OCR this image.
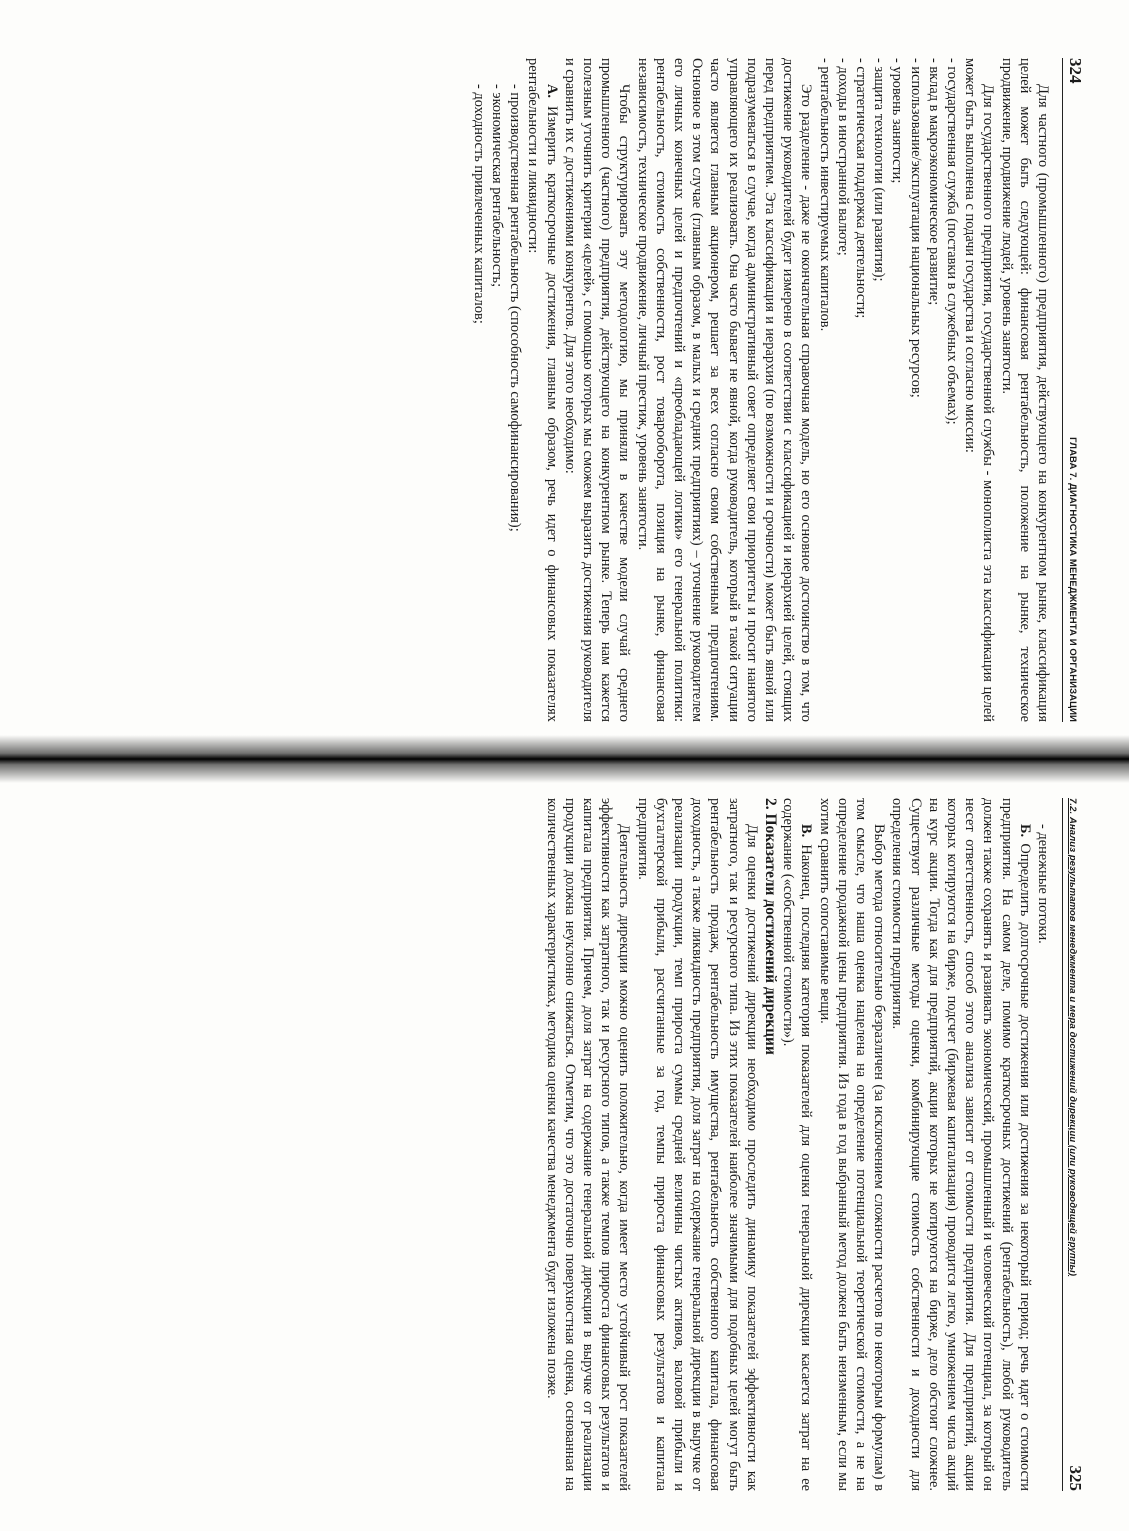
324
ГЛАВА 7. ДИАГНОСТИКА МЕНЕДЖМЕНТА И ОРГАНИЗАЦИИ

Для частного (промышленного) предприятия, действующего на конкурентном рынке, классификация целей может быть следующей: финансовая рентабельность, положение на рынке, техническое продвижение, продвижение людей, уровень занятости.

Для государственного предприятия, государственной службы - монополиста эта классификация целей может быть выполнена с подачи государства и согласно миссии:

- государственная служба (поставки в служебных объемах);

- вклад в макроэкономическое развитие;

- использование/эксплуатация национальных ресурсов;

- уровень занятости;

- защита технологии (или развития);

- стратегическая поддержка деятельности;

- доходы в иностранной валюте;

- рентабельность инвестируемых капиталов.

Это разделение - даже не окончательная справочная модель, но его основное достоинство в том, что достижение руководителей будет измерено в соответствии с классификацией и иерархией целей, стоящих перед предприятием. Эта классификация и иерархия (по возможности и срочности) может быть явной или подразумеваться в случае, когда административный совет определяет свои приоритеты и просит нанятого управляющего их реализовать. Она часто бывает не явной, когда руководитель, который в такой ситуации часто является главным акционером, решает за всех согласно своим собственным предпочтениям. Основное в этом случае (главным образом, в малых и средних предприятиях) – уточнение руководителем его личных конечных целей и предпочтений и «преобладающей логики» его генеральной политики: рентабельность, стоимость собственности, рост товарооборота, позиция на рынке, финансовая независимость, техническое продвижение, личный престиж, уровень занятости.

Чтобы структурировать эту методологию, мы приняли в качестве модели случай среднего промышленного (частного) предприятия, действующего на конкурентном рынке. Теперь нам кажется полезным уточнить критерии «целей», с помощью которых мы сможем выразить достижения руководителя и сравнить их с достижениями конкурентов. Для этого необходимо:

А. Измерить краткосрочные достижения, главным образом, речь идет о финансовых показателях рентабельности и ликвидности:

- производственная рентабельность (способность самофинансирования);

- экономическая рентабельность;

- доходность привлеченных капиталов;

7.2. Анализ результатов менеджмента и мера достижений дирекции (или руководящей группы)
325

- денежные потоки.

Б. Определить долгосрочные достижения или достижения за некоторый период; речь идет о стоимости предприятия. На самом деле, помимо краткосрочных достижений (рентабельность), любой руководитель должен также сохранять и развивать экономический, промышленный и человеческий потенциал, за который он несет ответственность, способ этого анализа зависит от стоимости предприятия. Для предприятий, акции которых котируются на бирже, подсчет (биржевая капитализация) проводится легко, умножением числа акций на курс акции. Тогда как для предприятий, акции которых не котируются на бирже, дело обстоит сложнее. Существуют различные методы оценки, комбинирующие стоимость собственности и доходности для определения стоимости предприятия.

Выбор метода относительно безразличен (за исключением сложности расчетов по некоторым формулам) в том смысле, что наша оценка нацелена на определение потенциальной теоретической стоимости, а не на определение продажной цены предприятия. Из года в год выбранный метод должен быть неизменным, если мы хотим сравнить сопоставимые вещи.

В. Наконец, последняя категория показателей для оценки генеральной дирекции касается затрат на ее содержание («собственной стоимости»).

2. Показатели достижений дирекции

Для оценки достижений дирекции необходимо проследить динамику показателей эффективности как затратного, так и ресурсного типа. Из этих показателей наиболее значимыми для подобных целей могут быть рентабельность продаж, рентабельность имущества, рентабельность собственного капитала, финансовая доходность, а также ликвидность предприятия, доля затрат на содержание генеральной дирекции в выручке от реализации продукции, темп прироста суммы средней величины чистых активов, валовой прибыли и бухгалтерской прибыли, рассчитанные за год, темпы прироста финансовых результатов и капитала предприятия.

Деятельность дирекции можно оценить положительно, когда имеет место устойчивый рост показателей эффективности как затратного, так и ресурсного типов, а также темпов прироста финансовых результатов и капитала предприятия. Причем, доля затрат на содержание генеральной дирекции в выручке от реализации продукции должна неуклонно снижаться. Отметим, что это достаточно поверхностная оценка, основанная на количественных характеристиках, методика оценки качества менеджмента будет изложена позже.
